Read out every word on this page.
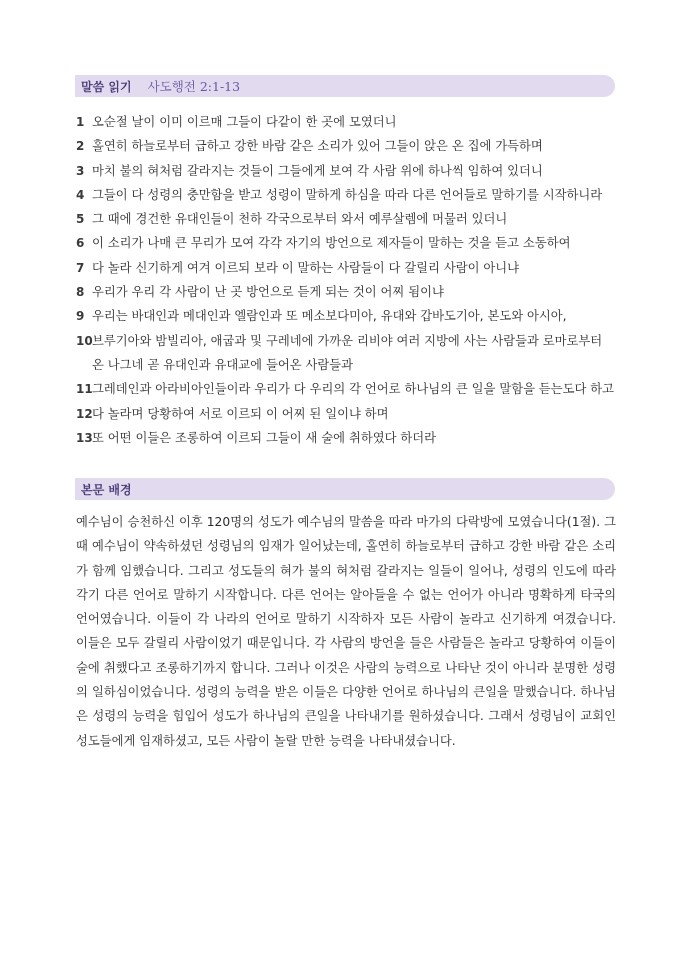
말씀 읽기 사도행전 2:1-13
1 오순절 날이 이미 이르매 그들이 다같이 한 곳에 모였더니
2 홀연히 하늘로부터 급하고 강한 바람 같은 소리가 있어 그들이 앉은 온 집에 가득하며
3 마치 불의 혀처럼 갈라지는 것들이 그들에게 보여 각 사람 위에 하나씩 임하여 있더니
4 그들이 다 성령의 충만함을 받고 성령이 말하게 하심을 따라 다른 언어들로 말하기를 시작하니라
5 그 때에 경건한 유대인들이 천하 각국으로부터 와서 예루살렘에 머물러 있더니
6 이 소리가 나매 큰 무리가 모여 각각 자기의 방언으로 제자들이 말하는 것을 듣고 소동하여
7 다 놀라 신기하게 여겨 이르되 보라 이 말하는 사람들이 다 갈릴리 사람이 아니냐
8 우리가 우리 각 사람이 난 곳 방언으로 듣게 되는 것이 어찌 됨이냐
9 우리는 바대인과 메대인과 엘람인과 또 메소보다미아, 유대와 갑바도기아, 본도와 아시아,
10 브루기아와 밤빌리아, 애굽과 및 구레네에 가까운 리비야 여러 지방에 사는 사람들과 로마로부터 온 나그네 곧 유대인과 유대교에 들어온 사람들과
11 그레데인과 아라비아인들이라 우리가 다 우리의 각 언어로 하나님의 큰 일을 말함을 듣는도다 하고
12 다 놀라며 당황하여 서로 이르되 이 어찌 된 일이냐 하며
13 또 어떤 이들은 조롱하여 이르되 그들이 새 술에 취하였다 하더라
본문 배경
예수님이 승천하신 이후 120명의 성도가 예수님의 말씀을 따라 마가의 다락방에 모였습니다(1절). 그때 예수님이 약속하셨던 성령님의 임재가 일어났는데, 홀연히 하늘로부터 급하고 강한 바람 같은 소리가 함께 임했습니다. 그리고 성도들의 혀가 불의 혀처럼 갈라지는 일들이 일어나, 성령의 인도에 따라 각기 다른 언어로 말하기 시작합니다. 다른 언어는 알아들을 수 없는 언어가 아니라 명확하게 타국의 언어였습니다. 이들이 각 나라의 언어로 말하기 시작하자 모든 사람이 놀라고 신기하게 여겼습니다. 이들은 모두 갈릴리 사람이었기 때문입니다. 각 사람의 방언을 들은 사람들은 놀라고 당황하여 이들이 술에 취했다고 조롱하기까지 합니다. 그러나 이것은 사람의 능력으로 나타난 것이 아니라 분명한 성령의 일하심이었습니다. 성령의 능력을 받은 이들은 다양한 언어로 하나님의 큰일을 말했습니다. 하나님은 성령의 능력을 힘입어 성도가 하나님의 큰일을 나타내기를 원하셨습니다. 그래서 성령님이 교회인 성도들에게 임재하셨고, 모든 사람이 놀랄 만한 능력을 나타내셨습니다.
